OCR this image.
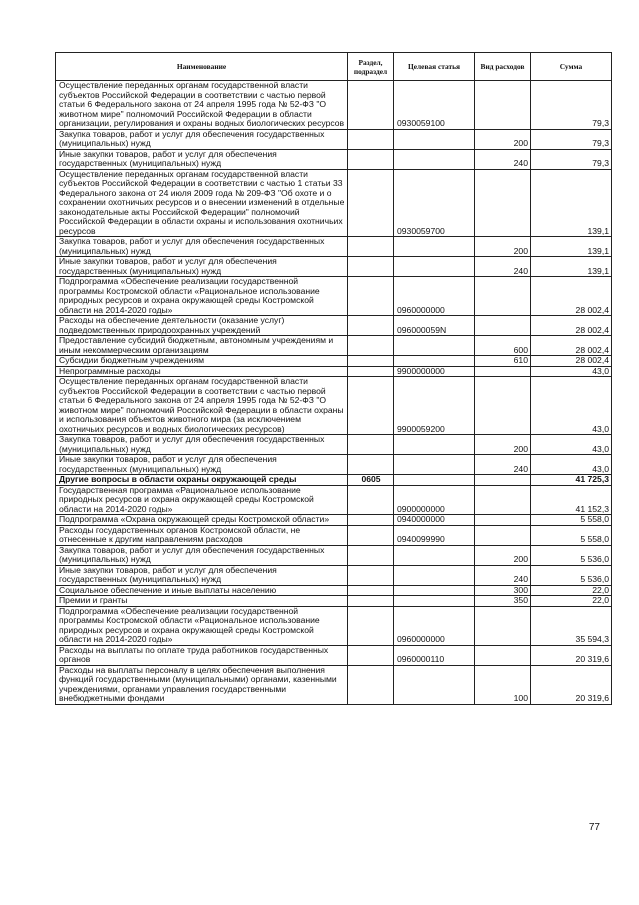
Наименование	Раздел, подраздел	Целевая статья	Вид расходов	Сумма
Осуществление переданных органам государственной власти субъектов Российской Федерации в соответствии с частью первой статьи 6 Федерального закона от 24 апреля 1995 года № 52-ФЗ "О животном мире" полномочий Российской Федерации в области организации, регулирования и охраны водных биологических ресурсов		0930059100		79,3
Закупка товаров, работ и услуг для обеспечения государственных (муниципальных) нужд			200	79,3
Иные закупки товаров, работ и услуг для обеспечения государственных (муниципальных) нужд			240	79,3
Осуществление переданных органам государственной власти субъектов Российской Федерации в соответствии с частью 1 статьи 33 Федерального закона от 24 июля 2009 года № 209-ФЗ "Об охоте и о сохранении охотничьих ресурсов и о внесении изменений в отдельные законодательные акты Российской Федерации" полномочий Российской Федерации в области охраны и использования охотничьих ресурсов		0930059700		139,1
Закупка товаров, работ и услуг для обеспечения государственных (муниципальных) нужд			200	139,1
Иные закупки товаров, работ и услуг для обеспечения государственных (муниципальных) нужд			240	139,1
Подпрограмма «Обеспечение реализации государственной программы Костромской области «Рациональное использование природных ресурсов и охрана окружающей среды Костромской области на 2014-2020 годы»		0960000000		28 002,4
Расходы на обеспечение деятельности (оказание услуг) подведомственных природоохранных учреждений		096000059N		28 002,4
Предоставление субсидий бюджетным, автономным учреждениям и иным некоммерческим организациям			600	28 002,4
Субсидии бюджетным учреждениям			610	28 002,4
Непрограммные расходы		9900000000		43,0
Осуществление переданных органам государственной власти субъектов Российской Федерации в соответствии с частью первой статьи 6 Федерального закона от 24 апреля 1995 года № 52-ФЗ "О животном мире" полномочий Российской Федерации в области охраны и использования объектов животного мира (за исключением охотничьих ресурсов и водных биологических ресурсов)		9900059200		43,0
Закупка товаров, работ и услуг для обеспечения государственных (муниципальных) нужд			200	43,0
Иные закупки товаров, работ и услуг для обеспечения государственных (муниципальных) нужд			240	43,0
Другие вопросы в области охраны окружающей среды	0605			41 725,3
Государственная программа «Рациональное использование природных ресурсов и охрана окружающей среды Костромской области на 2014-2020 годы»		0900000000		41 152,3
Подпрограмма «Охрана окружающей среды Костромской области»		0940000000		5 558,0
Расходы государственных органов Костромской области, не отнесенные к другим направлениям расходов		0940099990		5 558,0
Закупка товаров, работ и услуг для обеспечения государственных (муниципальных) нужд			200	5 536,0
Иные закупки товаров, работ и услуг для обеспечения государственных (муниципальных) нужд			240	5 536,0
Социальное обеспечение и иные выплаты населению			300	22,0
Премии и гранты			350	22,0
Подпрограмма «Обеспечение реализации государственной программы Костромской области «Рациональное использование природных ресурсов и охрана окружающей среды Костромской области на 2014-2020 годы»		0960000000		35 594,3
Расходы на выплаты по оплате труда работников государственных органов		0960000110		20 319,6
Расходы на выплаты персоналу в целях обеспечения выполнения функций государственными (муниципальными) органами, казенными учреждениями, органами управления государственными внебюджетными фондами			100	20 319,6
77
